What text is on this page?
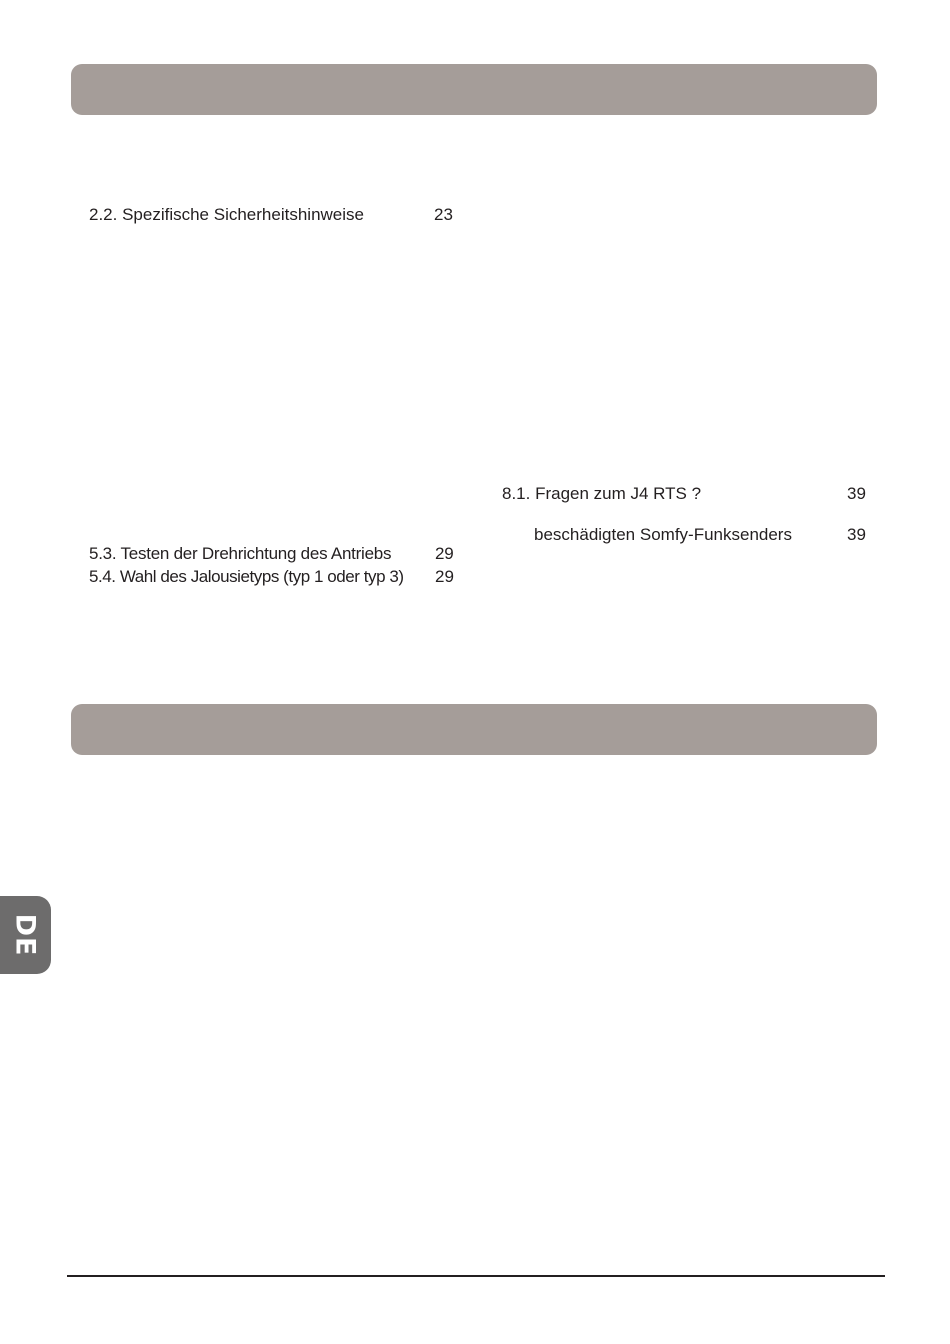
2.2. Spezifische Sicherheitshinweise	23
8.1. Fragen zum J4 RTS ?	39
beschädigten Somfy-Funksenders	39
5.3. Testen der Drehrichtung des Antriebs	29
5.4. Wahl des Jalousietyps (typ 1 oder typ 3) 29
DE
